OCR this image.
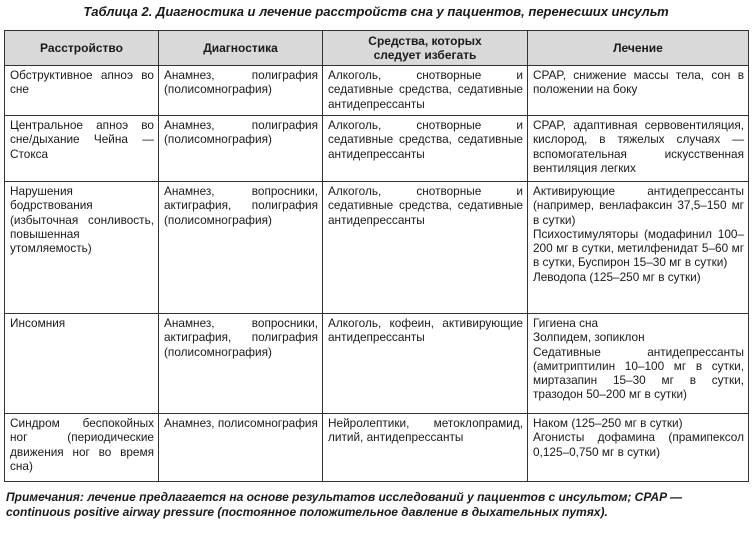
Таблица 2. Диагностика и лечение расстройств сна у пациентов, перенесших инсульт
Расстройство	Диагностика	Средства, которых
следует избегать	Лечение
Обструктивное апноэ во сне	Анамнез, полиграфия (полисомнография)	Алкоголь, снотворные и седативные средства, седативные антидепрессанты	CPAP, снижение массы тела, сон в положении на боку

Центральное апноэ во сне/дыхание Чейна — Стокса	Анамнез, полиграфия (полисомнография)	Алкоголь, снотворные и седативные средства, седативные антидепрессанты	CPAP, адаптивная сервовентиляция, кислород, в тяжелых случаях — вспомогательная искусственная вентиляция легких

Нарушения бодрствования (избыточная сонливость, повышенная утомляемость)	Анамнез, вопросники, актиграфия, полиграфия (полисомнография)	Алкоголь, снотворные и седативные средства, седативные антидепрессанты	Активирующие антидепрессанты (например, венлафаксин 37,5–150 мг в сутки)
Психостимуляторы (модафинил 100–200 мг в сутки, метилфенидат 5–60 мг в сутки, Буспирон 15–30 мг в сутки)
Леводопа (125–250 мг в сутки)

Инсомния	Анамнез, вопросники, актиграфия, полиграфия (полисомнография)	Алкоголь, кофеин, активирующие антидепрессанты	Гигиена сна
Золпидем, зопиклон
Седативные антидепрессанты (амитриптилин 10–100 мг в сутки, миртазапин 15–30 мг в сутки, тразодон 50–200 мг в сутки)

Синдром беспокойных ног (периодические движения ног во время сна)	Анамнез, полисомнография	Нейролептики, метоклопрамид, литий, антидепрессанты	Наком (125–250 мг в сутки)
Агонисты дофамина (прамипексол 0,125–0,750 мг в сутки)
Примечания: лечение предлагается на основе результатов исследований у пациентов с инсультом; CPAP — continuous positive airway pressure (постоянное положительное давление в дыхательных путях).
